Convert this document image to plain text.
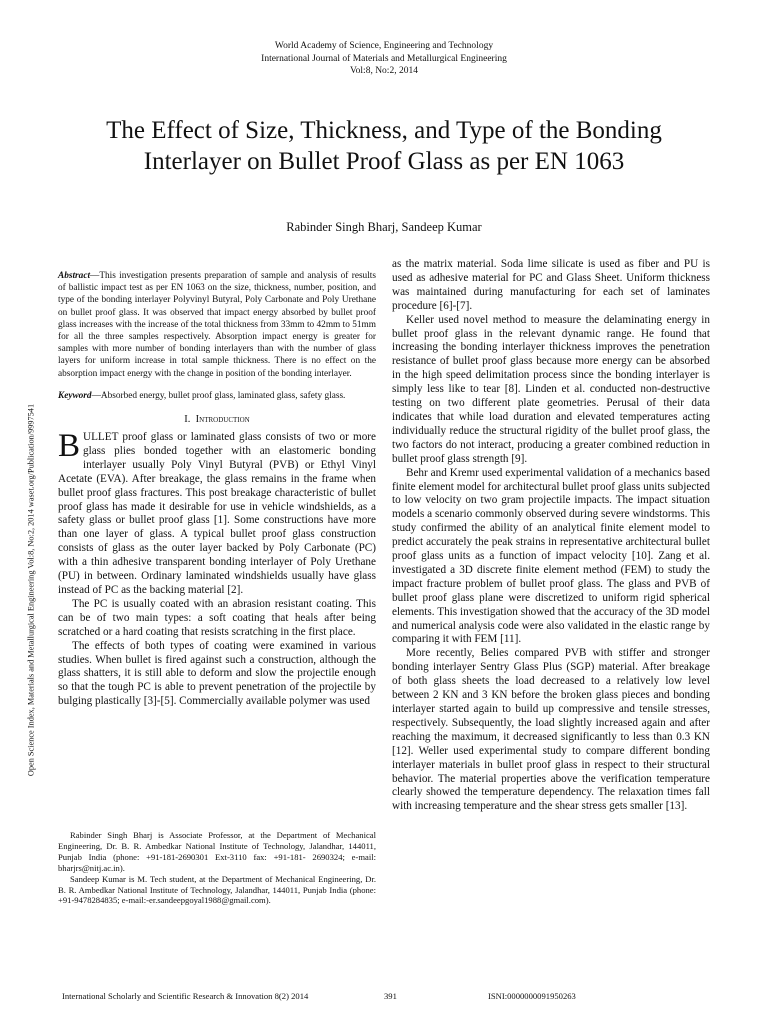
World Academy of Science, Engineering and Technology
International Journal of Materials and Metallurgical Engineering
Vol:8, No:2, 2014
The Effect of Size, Thickness, and Type of the Bonding Interlayer on Bullet Proof Glass as per EN 1063
Rabinder Singh Bharj, Sandeep Kumar
Open Science Index, Materials and Metallurgical Engineering Vol:8, No:2, 2014 waset.org/Publication/9997541

Abstract—This investigation presents preparation of sample and analysis of results of ballistic impact test as per EN 1063 on the size, thickness, number, position, and type of the bonding interlayer Polyvinyl Butyral, Poly Carbonate and Poly Urethane on bullet proof glass. It was observed that impact energy absorbed by bullet proof glass increases with the increase of the total thickness from 33mm to 42mm to 51mm for all the three samples respectively. Absorption impact energy is greater for samples with more number of bonding interlayers than with the number of glass layers for uniform increase in total sample thickness. There is no effect on the absorption impact energy with the change in position of the bonding interlayer.

Keyword—Absorbed energy, bullet proof glass, laminated glass, safety glass.

I. Introduction

BULLET proof glass or laminated glass consists of two or more glass plies bonded together with an elastomeric bonding interlayer usually Poly Vinyl Butyral (PVB) or Ethyl Vinyl Acetate (EVA). After breakage, the glass remains in the frame when bullet proof glass fractures. This post breakage characteristic of bullet proof glass has made it desirable for use in vehicle windshields, as a safety glass or bullet proof glass [1]. Some constructions have more than one layer of glass. A typical bullet proof glass construction consists of glass as the outer layer backed by Poly Carbonate (PC) with a thin adhesive transparent bonding interlayer of Poly Urethane (PU) in between. Ordinary laminated windshields usually have glass instead of PC as the backing material [2].

The PC is usually coated with an abrasion resistant coating. This can be of two main types: a soft coating that heals after being scratched or a hard coating that resists scratching in the first place.

The effects of both types of coating were examined in various studies. When bullet is fired against such a construction, although the glass shatters, it is still able to deform and slow the projectile enough so that the tough PC is able to prevent penetration of the projectile by bulging plastically [3]-[5]. Commercially available polymer was used

Rabinder Singh Bharj is Associate Professor, at the Department of Mechanical Engineering, Dr. B. R. Ambedkar National Institute of Technology, Jalandhar, 144011, Punjab India (phone: +91-181-2690301 Ext-3110 fax: +91-181- 2690324; e-mail: bharjrs@nitj.ac.in).

Sandeep Kumar is M. Tech student, at the Department of Mechanical Engineering, Dr. B. R. Ambedkar National Institute of Technology, Jalandhar, 144011, Punjab India (phone: +91-9478284835; e-mail:-er.sandeepgoyal1988@gmail.com).

as the matrix material. Soda lime silicate is used as fiber and PU is used as adhesive material for PC and Glass Sheet. Uniform thickness was maintained during manufacturing for each set of laminates procedure [6]-[7].

Keller used novel method to measure the delaminating energy in bullet proof glass in the relevant dynamic range. He found that increasing the bonding interlayer thickness improves the penetration resistance of bullet proof glass because more energy can be absorbed in the high speed delimitation process since the bonding interlayer is simply less like to tear [8]. Linden et al. conducted non-destructive testing on two different plate geometries. Perusal of their data indicates that while load duration and elevated temperatures acting individually reduce the structural rigidity of the bullet proof glass, the two factors do not interact, producing a greater combined reduction in bullet proof glass strength [9].

Behr and Kremr used experimental validation of a mechanics based finite element model for architectural bullet proof glass units subjected to low velocity on two gram projectile impacts. The impact situation models a scenario commonly observed during severe windstorms. This study confirmed the ability of an analytical finite element model to predict accurately the peak strains in representative architectural bullet proof glass units as a function of impact velocity [10]. Zang et al. investigated a 3D discrete finite element method (FEM) to study the impact fracture problem of bullet proof glass. The glass and PVB of bullet proof glass plane were discretized to uniform rigid spherical elements. This investigation showed that the accuracy of the 3D model and numerical analysis code were also validated in the elastic range by comparing it with FEM [11].

More recently, Belies compared PVB with stiffer and stronger bonding interlayer Sentry Glass Plus (SGP) material. After breakage of both glass sheets the load decreased to a relatively low level between 2 KN and 3 KN before the broken glass pieces and bonding interlayer started again to build up compressive and tensile stresses, respectively. Subsequently, the load slightly increased again and after reaching the maximum, it decreased significantly to less than 0.3 KN [12]. Weller used experimental study to compare different bonding interlayer materials in bullet proof glass in respect to their structural behavior. The material properties above the verification temperature clearly showed the temperature dependency. The relaxation times fall with increasing temperature and the shear stress gets smaller [13].

International Scholarly and Scientific Research & Innovation 8(2) 2014	391	ISNI:0000000091950263
